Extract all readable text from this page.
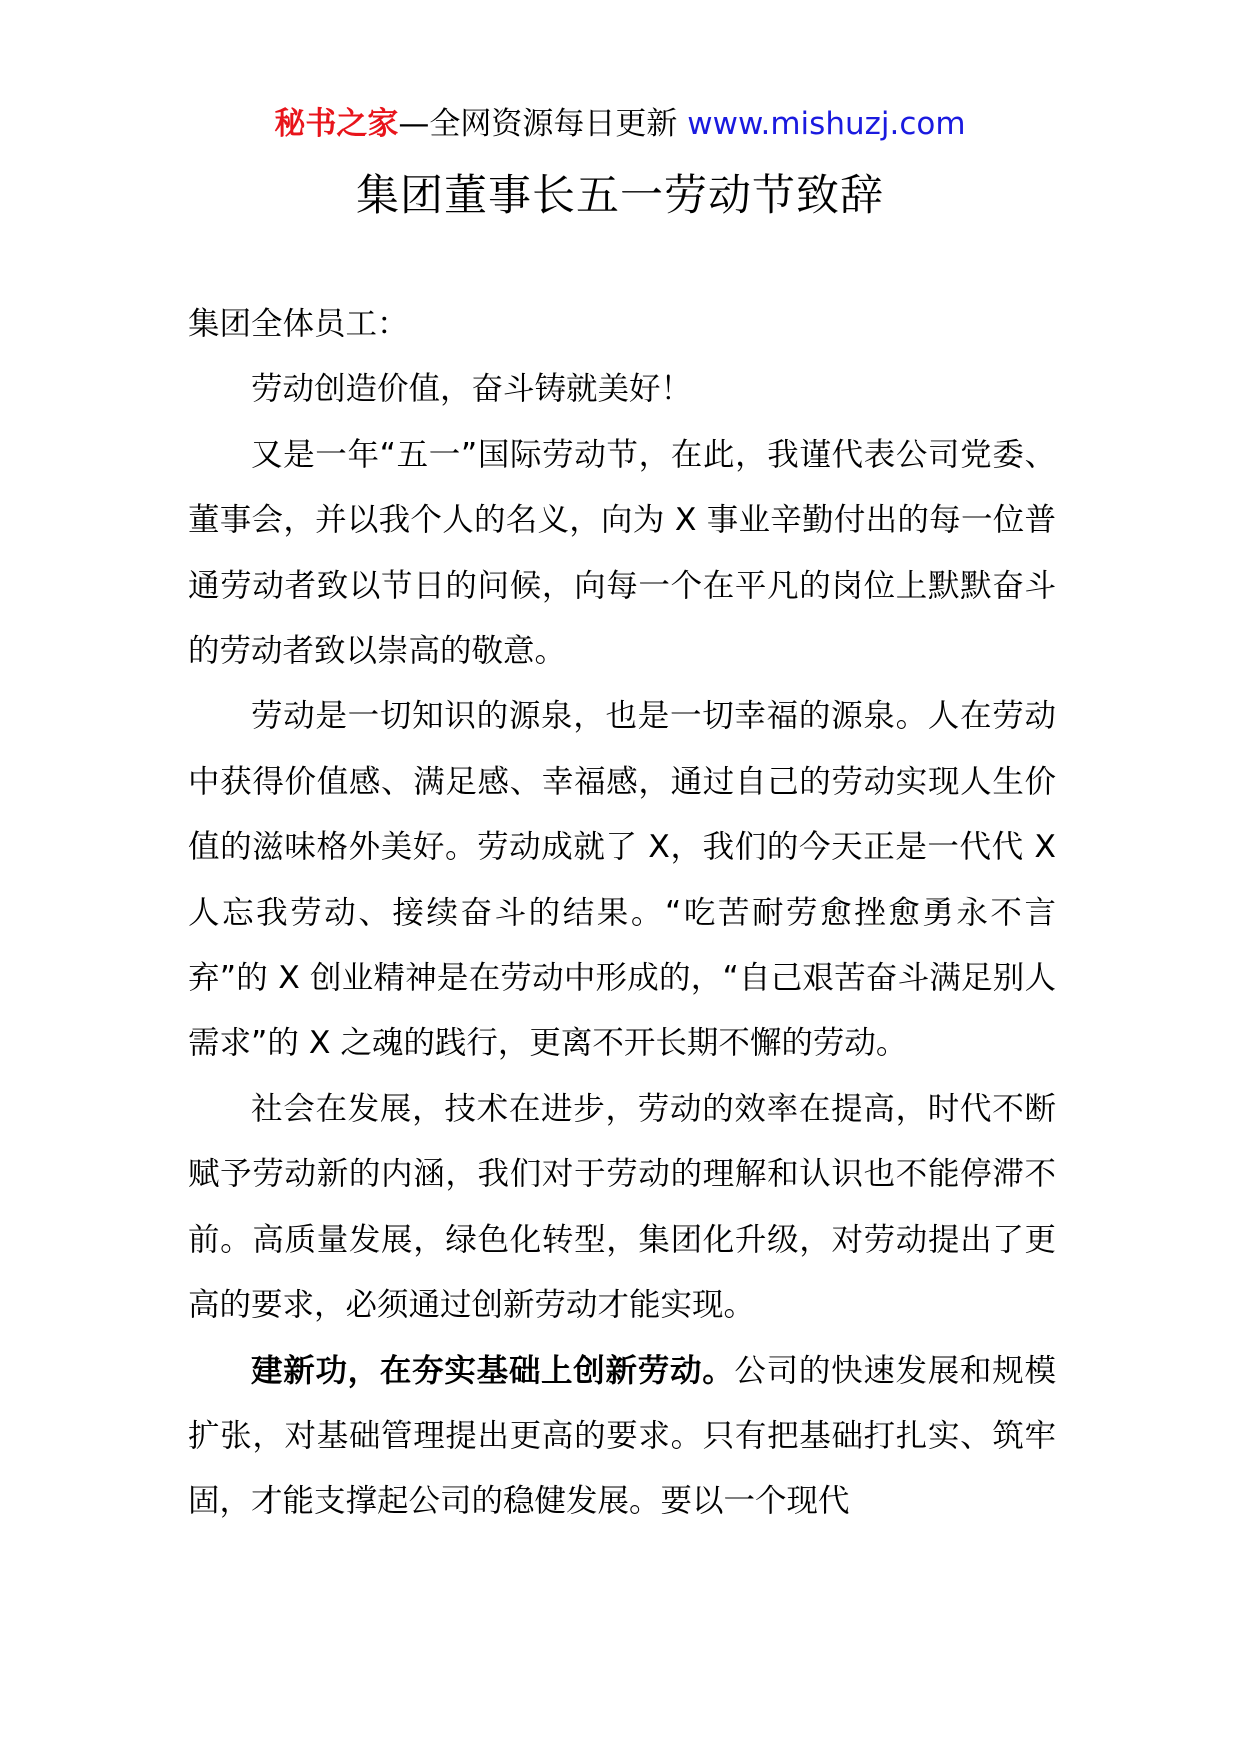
秘书之家—全网资源每日更新 www.mishuzj.com
集团董事长五一劳动节致辞

集团全体员工：

劳动创造价值，奋斗铸就美好！

又是一年“五一”国际劳动节，在此，我谨代表公司党委、董事会，并以我个人的名义，向为 X 事业辛勤付出的每一位普通劳动者致以节日的问候，向每一个在平凡的岗位上默默奋斗的劳动者致以崇高的敬意。

劳动是一切知识的源泉，也是一切幸福的源泉。人在劳动中获得价值感、满足感、幸福感，通过自己的劳动实现人生价值的滋味格外美好。劳动成就了 X，我们的今天正是一代代 X 人忘我劳动、接续奋斗的结果。“吃苦耐劳愈挫愈勇永不言弃”的 X 创业精神是在劳动中形成的，“自己艰苦奋斗满足别人需求”的 X 之魂的践行，更离不开长期不懈的劳动。

社会在发展，技术在进步，劳动的效率在提高，时代不断赋予劳动新的内涵，我们对于劳动的理解和认识也不能停滞不前。高质量发展，绿色化转型，集团化升级，对劳动提出了更高的要求，必须通过创新劳动才能实现。

建新功，在夯实基础上创新劳动。公司的快速发展和规模扩张，对基础管理提出更高的要求。只有把基础打扎实、筑牢固，才能支撑起公司的稳健发展。要以一个现代
